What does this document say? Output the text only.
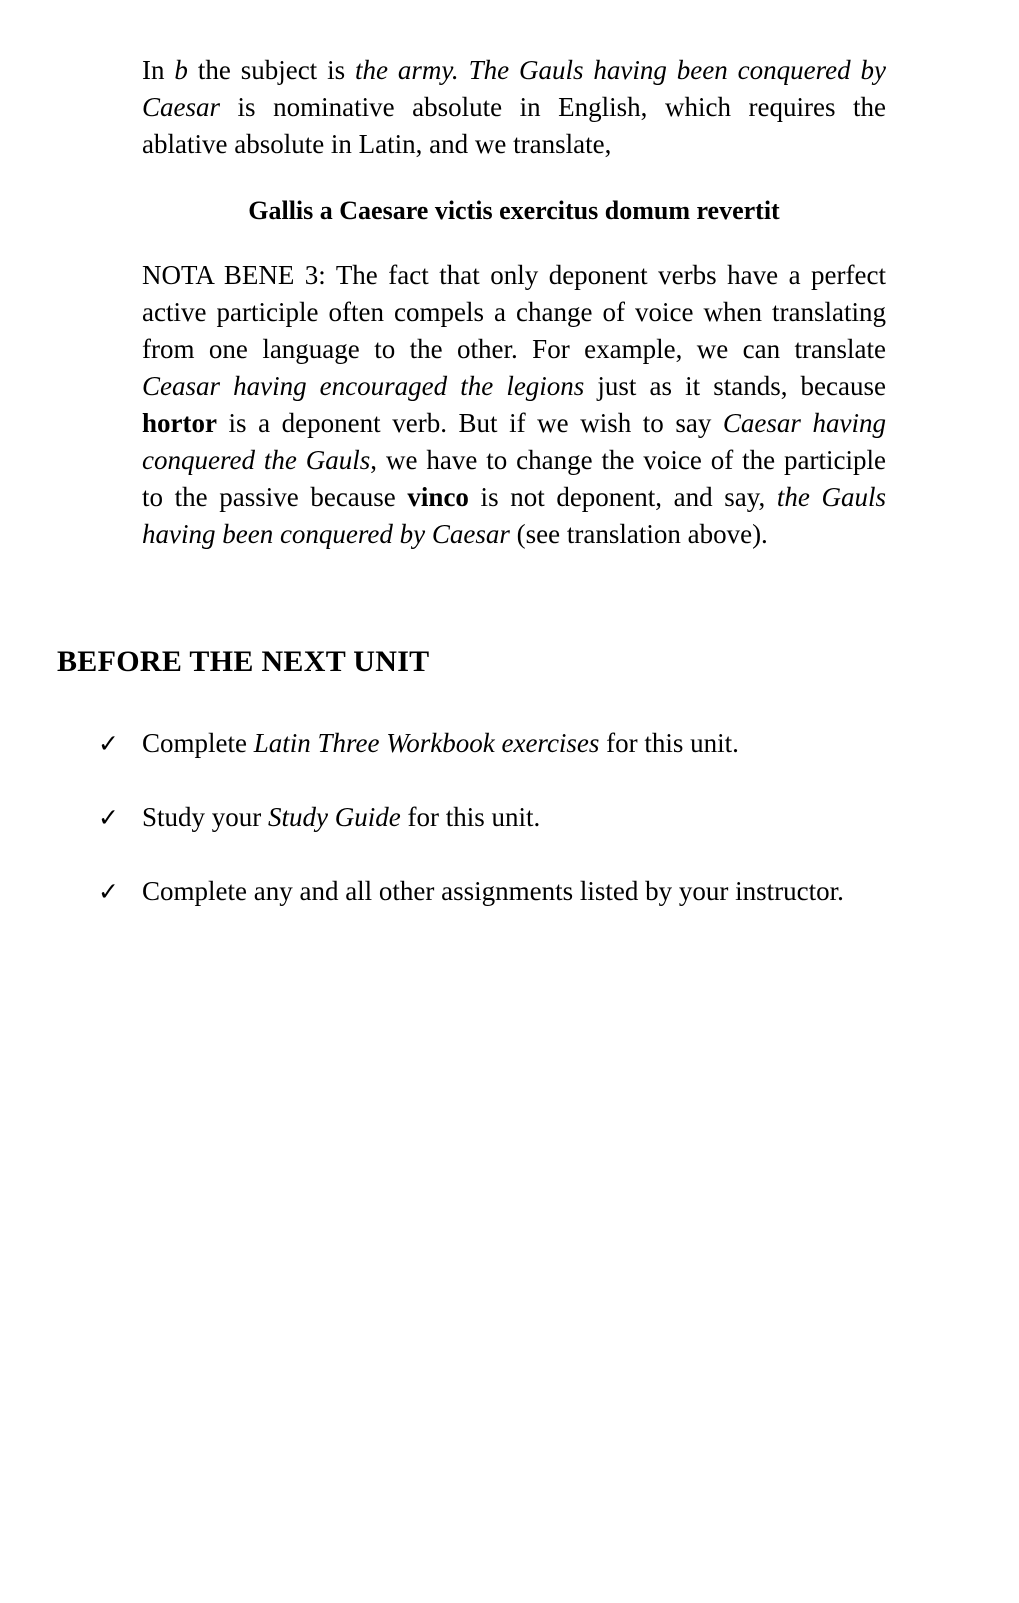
In b the subject is the army. The Gauls having been conquered by Caesar is nominative absolute in English, which requires the ablative absolute in Latin, and we translate,

Gallis a Caesare victis exercitus domum revertit

NOTA BENE 3: The fact that only deponent verbs have a perfect active participle often compels a change of voice when translating from one language to the other. For example, we can translate Ceasar having encouraged the legions just as it stands, because hortor is a deponent verb. But if we wish to say Caesar having conquered the Gauls, we have to change the voice of the participle to the passive because vinco is not deponent, and say, the Gauls having been conquered by Caesar (see translation above).

BEFORE THE NEXT UNIT
✓ Complete Latin Three Workbook exercises for this unit.
✓ Study your Study Guide for this unit.
✓ Complete any and all other assignments listed by your instructor.
